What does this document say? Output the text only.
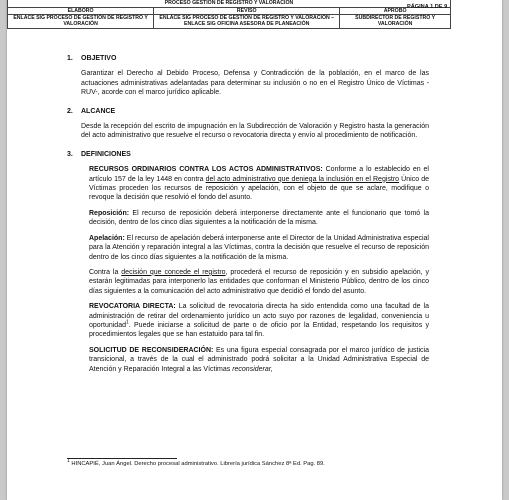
PROCESO GESTION DE REGISTRO Y VALORACION		
ELABORO	REVISO	APROBO
ENLACE SIG PROCESO DE GESTIÓN DE REGISTRO Y VALORACIÓN	ENLACE SIG PROCESO DE GESTIÓN DE REGISTRO Y VALORACIÓN – ENLACE SIG OFICINA ASESORA DE PLANEACIÓN	SUBDIRECTOR DE REGISTRO Y VALORACIÓN
PÁGINA 1 DE 9

1. OBJETIVO

Garantizar el Derecho al Debido Proceso, Defensa y Contradicción de la población, en el marco de las actuaciones administrativas adelantadas para determinar su inclusión o no en el Registro Único de Víctimas -RUV-, acorde con el marco jurídico aplicable.

2. ALCANCE

Desde la recepción del escrito de impugnación en la Subdirección de Valoración y Registro hasta la generación del acto administrativo que resuelve el recurso o revocatoria directa y envío al procedimiento de notificación.

3. DEFINICIONES

RECURSOS ORDINARIOS CONTRA LOS ACTOS ADMINISTRATIVOS: Conforme a lo establecido en el artículo 157 de la ley 1448 en contra del acto administrativo que deniega la inclusión en el Registro Único de Víctimas proceden los recursos de reposición y apelación, con el objeto de que se aclare, modifique o revoque la decisión que resolvió el fondo del asunto.

Reposición: El recurso de reposición deberá interponerse directamente ante el funcionario que tomó la decisión, dentro de los cinco días siguientes a la notificación de la misma.

Apelación: El recurso de apelación deberá interponerse ante el Director de la Unidad Administrativa especial para la Atención y reparación integral a las Víctimas, contra la decisión que resuelve el recurso de reposición dentro de los cinco días siguientes a la notificación de la misma.

Contra la decisión que concede el registro, procederá el recurso de reposición y en subsidio apelación, y estarán legitimadas para interponerlo las entidades que conforman el Ministerio Público, dentro de los cinco días siguientes a la comunicación del acto administrativo que decidió el fondo del asunto.

REVOCATORIA DIRECTA: La solicitud de revocatoria directa ha sido entendida como una facultad de la administración de retirar del ordenamiento jurídico un acto suyo por razones de legalidad, conveniencia u oportunidad$^1$. Puede iniciarse a solicitud de parte o de oficio por la Entidad, respetando los requisitos y procedimientos legales que se han estatuido para tal fin.

SOLICITUD DE RECONSIDERACIÓN: Es una figura especial consagrada por el marco jurídico de justicia transicional, a través de la cual el administrado podrá solicitar a la Unidad Administrativa Especial de Atención y Reparación Integral a las Víctimas reconsiderar,

$^1$ HINCAPIÉ, Juan Ángel. Derecho procesal administrativo. Librería jurídica Sánchez 8ª Ed. Pag. 89.
